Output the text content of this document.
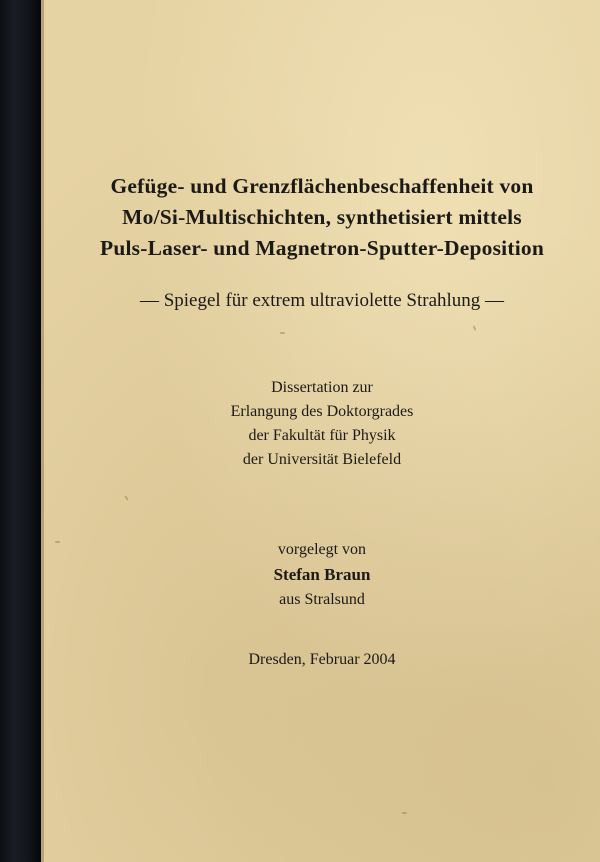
Gefüge- und Grenzflächenbeschaffenheit von
Mo/Si-Multischichten, synthetisiert mittels
Puls-Laser- und Magnetron-Sputter-Deposition
— Spiegel für extrem ultraviolette Strahlung —
Dissertation zur
Erlangung des Doktorgrades
der Fakultät für Physik
der Universität Bielefeld
vorgelegt von
Stefan Braun
aus Stralsund
Dresden, Februar 2004
